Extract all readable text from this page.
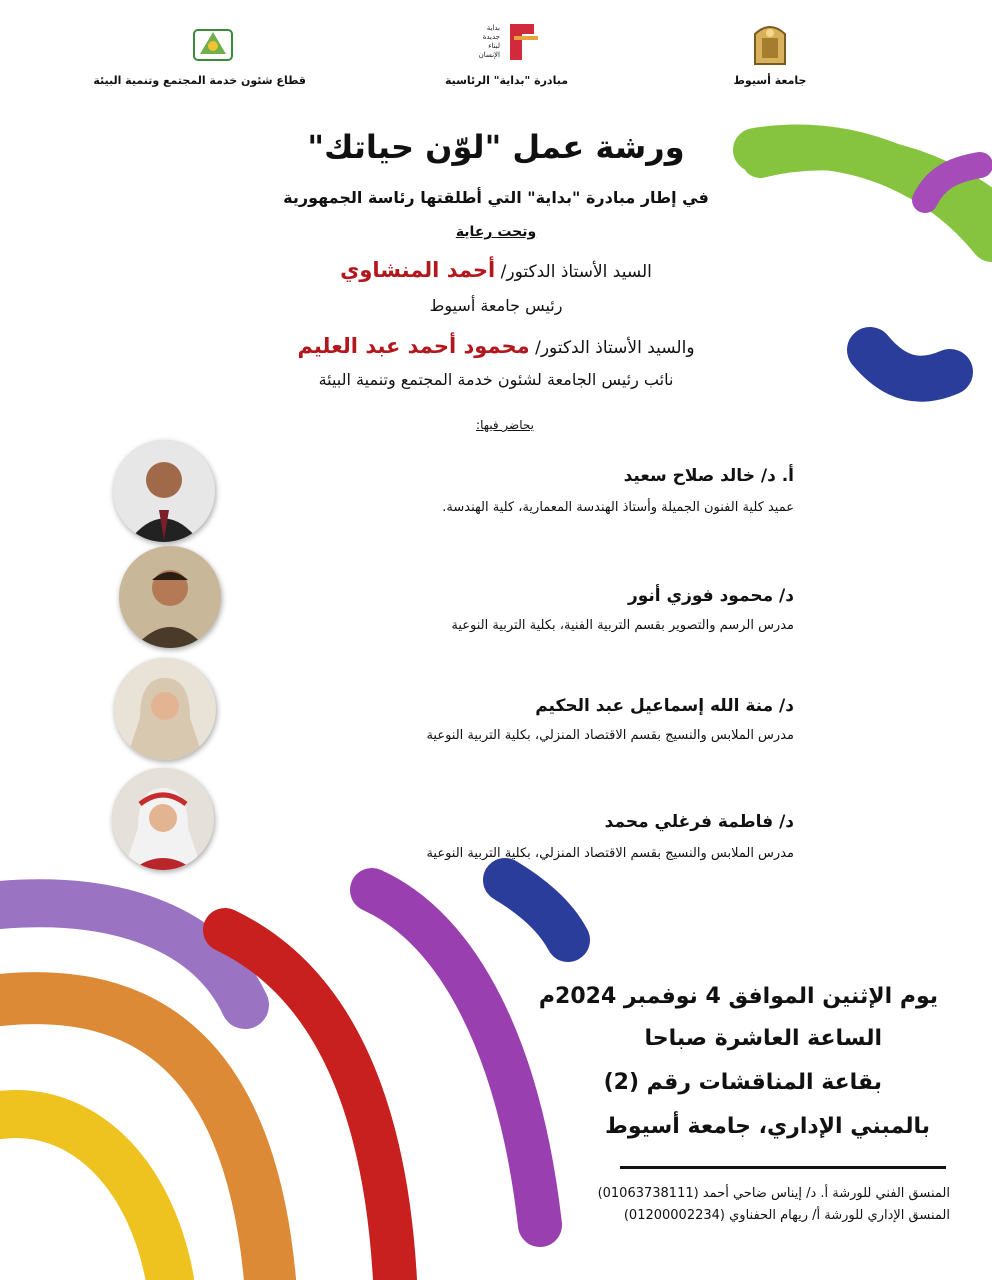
قطاع شئون خدمة المجتمع وتنمية البيئة
بداية
جديدة
لبناء
الإنسان
مبادرة "بداية" الرئاسية	جامعة أسيوط
ورشة عمل "لوّن حياتك"
في إطار مبادرة "بداية" التي أطلقتها رئاسة الجمهورية
وتحت رعاية
السيد الأستاذ الدكتور/ أحمد المنشاوي
رئيس جامعة أسيوط
والسيد الأستاذ الدكتور/ محمود أحمد عبد العليم
نائب رئيس الجامعة لشئون خدمة المجتمع وتنمية البيئة
يحاضر فيها:
أ. د/ خالد صلاح سعيد
عميد كلية الفنون الجميلة وأستاذ الهندسة المعمارية، كلية الهندسة.
د/ محمود فوزي أنور
مدرس الرسم والتصوير بقسم التربية الفنية، بكلية التربية النوعية
د/ منة الله إسماعيل عبد الحكيم
مدرس الملابس والنسيج بقسم الاقتصاد المنزلي، بكلية التربية النوعية
د/ فاطمة فرغلي محمد
مدرس الملابس والنسيج بقسم الاقتصاد المنزلي، بكلية التربية النوعية
يوم الإثنين الموافق 4 نوفمبر 2024م
الساعة العاشرة صباحا
بقاعة المناقشات رقم (2)
بالمبني الإداري، جامعة أسيوط
المنسق الفني للورشة أ. د/ إيناس ضاحي أحمد (01063738111)
المنسق الإداري للورشة أ/ ريهام الحفناوي (01200002234)
